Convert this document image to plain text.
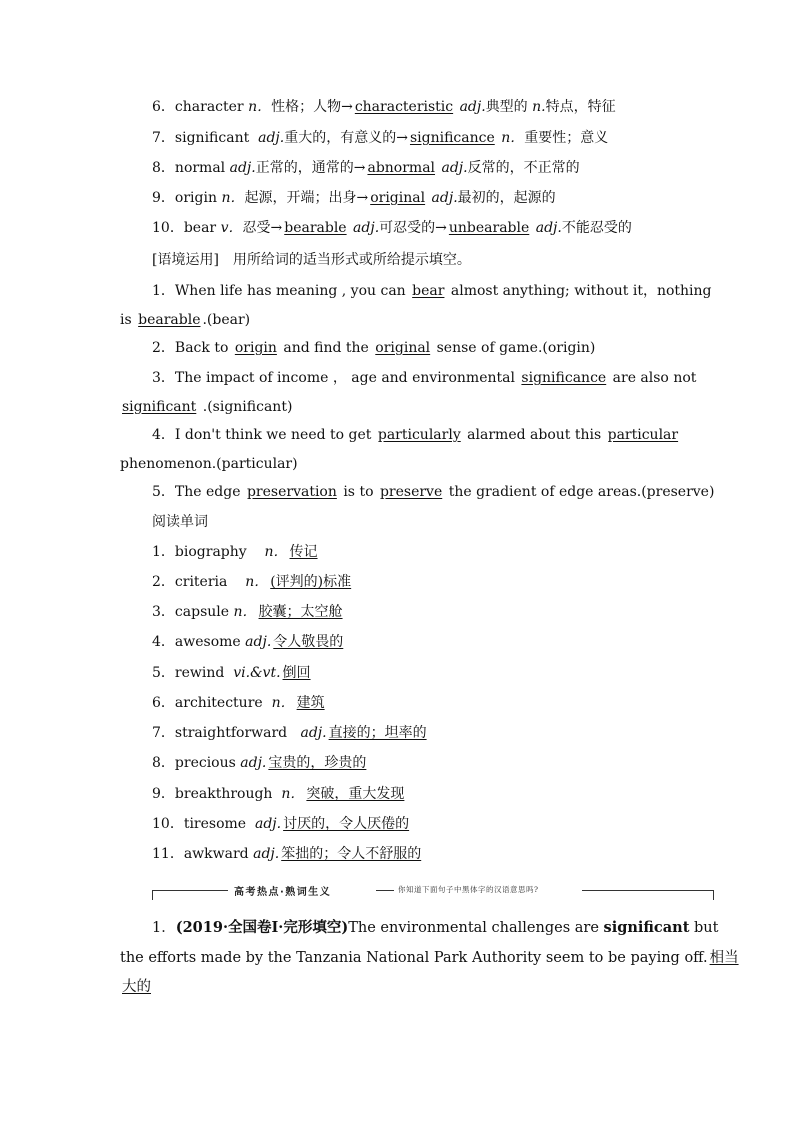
6．character n．性格；人物→ characteristic adj.典型的 n.特点，特征
7．significant adj.重大的，有意义的→ significance n．重要性；意义
8．normal adj.正常的，通常的→ abnormal adj.反常的，不正常的
9．origin n．起源，开端；出身→ original adj.最初的，起源的
10．bear v．忍受→ bearable adj.可忍受的→ unbearable adj.不能忍受的
[语境运用]　用所给词的适当形式或所给提示填空。
1．When life has meaning , you can bear almost anything; without it，nothing
is bearable .(bear)
2．Back to origin and find the original sense of game.(origin)
3．The impact of income ， age and environmental significance are also not
significant .(significant)
4．I don't think we need to get particularly alarmed about this particular
phenomenon.(particular)
5．The edge preservation is to preserve the gradient of edge areas.(preserve)
阅读单词
1．biography n． 传记
2．criteria n． (评判的)标准
3．capsule n． 胶囊；太空舱
4．awesome adj. 令人敬畏的
5．rewind vi.&vt. 倒回
6．architecture n． 建筑
7．straightforward adj. 直接的；坦率的
8．precious adj. 宝贵的，珍贵的
9．breakthrough n． 突破，重大发现
10．tiresome adj. 讨厌的，令人厌倦的
11．awkward adj. 笨拙的；令人不舒服的
高考热点·熟词生义	你知道下面句子中黑体字的汉语意思吗?
1．(2019·全国卷Ⅰ·完形填空)The environmental challenges are significant but
the efforts made by the Tanzania National Park Authority seem to be paying off. 相当
大的
